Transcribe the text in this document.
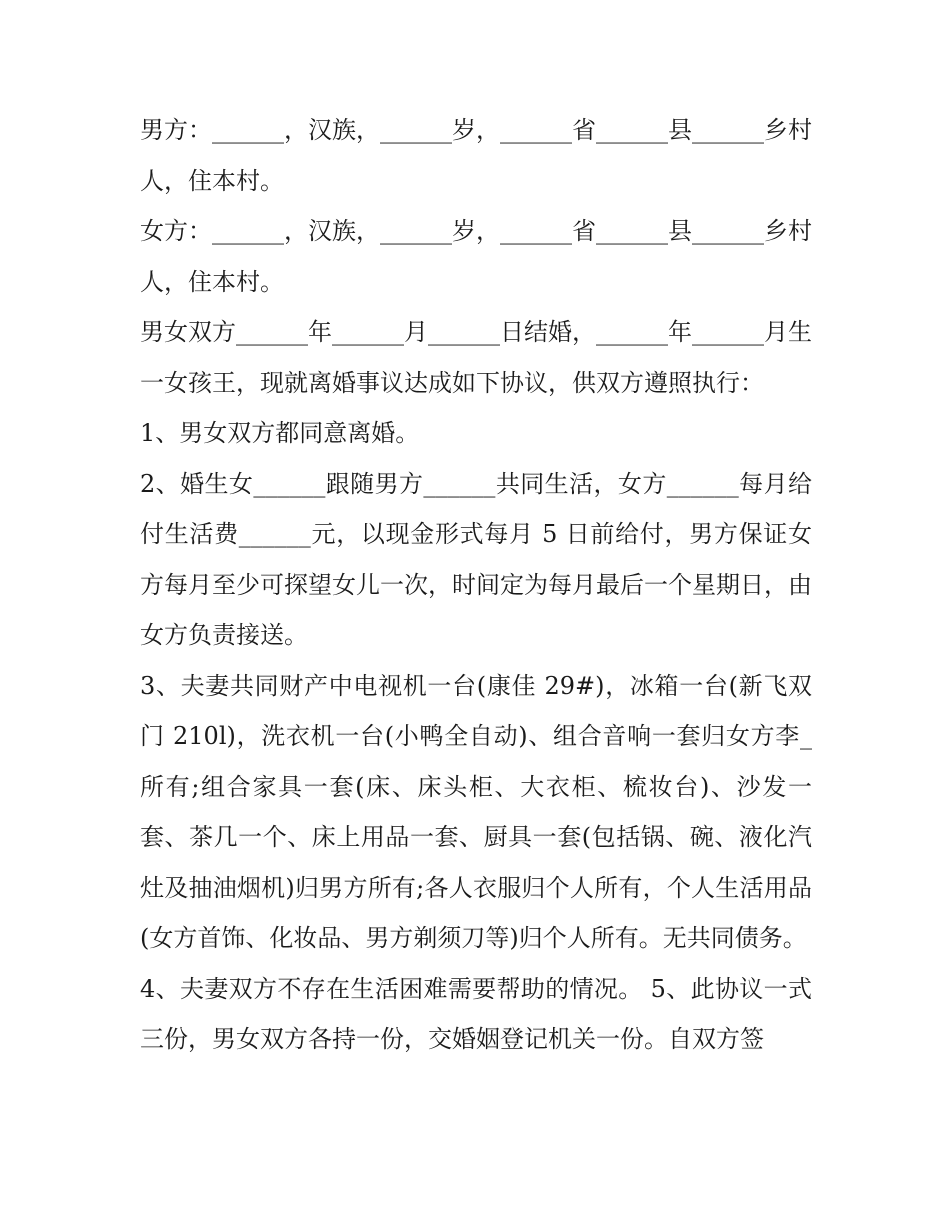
男方：______，汉族，______岁，______省______县______乡村人，住本村。

女方：______，汉族，______岁，______省______县______乡村人，住本村。

男女双方______年______月______日结婚，______年______月生一女孩王，现就离婚事议达成如下协议，供双方遵照执行：

1、男女双方都同意离婚。

2、婚生女______跟随男方______共同生活，女方______每月给付生活费______元，以现金形式每月 5 日前给付，男方保证女方每月至少可探望女儿一次，时间定为每月最后一个星期日，由女方负责接送。

3、夫妻共同财产中电视机一台(康佳 29#)，冰箱一台(新飞双门 210l)，洗衣机一台(小鸭全自动)、组合音响一套归女方李_所有;组合家具一套(床、床头柜、大衣柜、梳妆台)、沙发一套、茶几一个、床上用品一套、厨具一套(包括锅、碗、液化汽灶及抽油烟机)归男方所有;各人衣服归个人所有，个人生活用品(女方首饰、化妆品、男方剃须刀等)归个人所有。无共同债务。

4、夫妻双方不存在生活困难需要帮助的情况。 5、此协议一式三份，男女双方各持一份，交婚姻登记机关一份。自双方签
